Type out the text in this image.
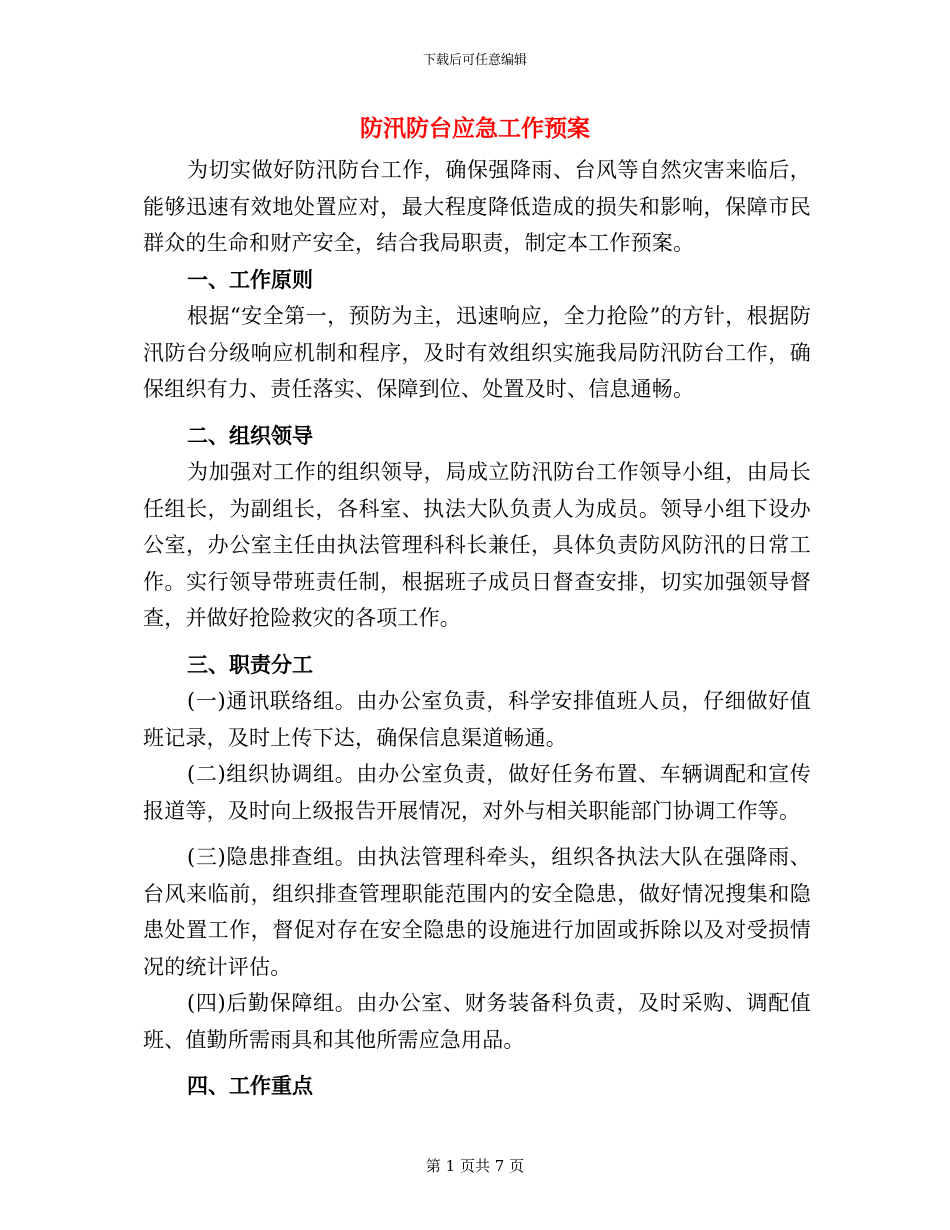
下载后可任意编辑
防汛防台应急工作预案

为切实做好防汛防台工作，确保强降雨、台风等自然灾害来临后，能够迅速有效地处置应对，最大程度降低造成的损失和影响，保障市民群众的生命和财产安全，结合我局职责，制定本工作预案。

一、工作原则

根据“安全第一，预防为主，迅速响应，全力抢险”的方针，根据防汛防台分级响应机制和程序，及时有效组织实施我局防汛防台工作，确保组织有力、责任落实、保障到位、处置及时、信息通畅。

二、组织领导

为加强对工作的组织领导，局成立防汛防台工作领导小组，由局长任组长，为副组长，各科室、执法大队负责人为成员。领导小组下设办公室，办公室主任由执法管理科科长兼任，具体负责防风防汛的日常工作。实行领导带班责任制，根据班子成员日督查安排，切实加强领导督查，并做好抢险救灾的各项工作。

三、职责分工

(一)通讯联络组。由办公室负责，科学安排值班人员，仔细做好值班记录，及时上传下达，确保信息渠道畅通。

(二)组织协调组。由办公室负责，做好任务布置、车辆调配和宣传报道等，及时向上级报告开展情况，对外与相关职能部门协调工作等。

(三)隐患排查组。由执法管理科牵头，组织各执法大队在强降雨、台风来临前，组织排查管理职能范围内的安全隐患，做好情况搜集和隐患处置工作，督促对存在安全隐患的设施进行加固或拆除以及对受损情况的统计评估。

(四)后勤保障组。由办公室、财务装备科负责，及时采购、调配值班、值勤所需雨具和其他所需应急用品。

四、工作重点

第 1 页共 7 页
